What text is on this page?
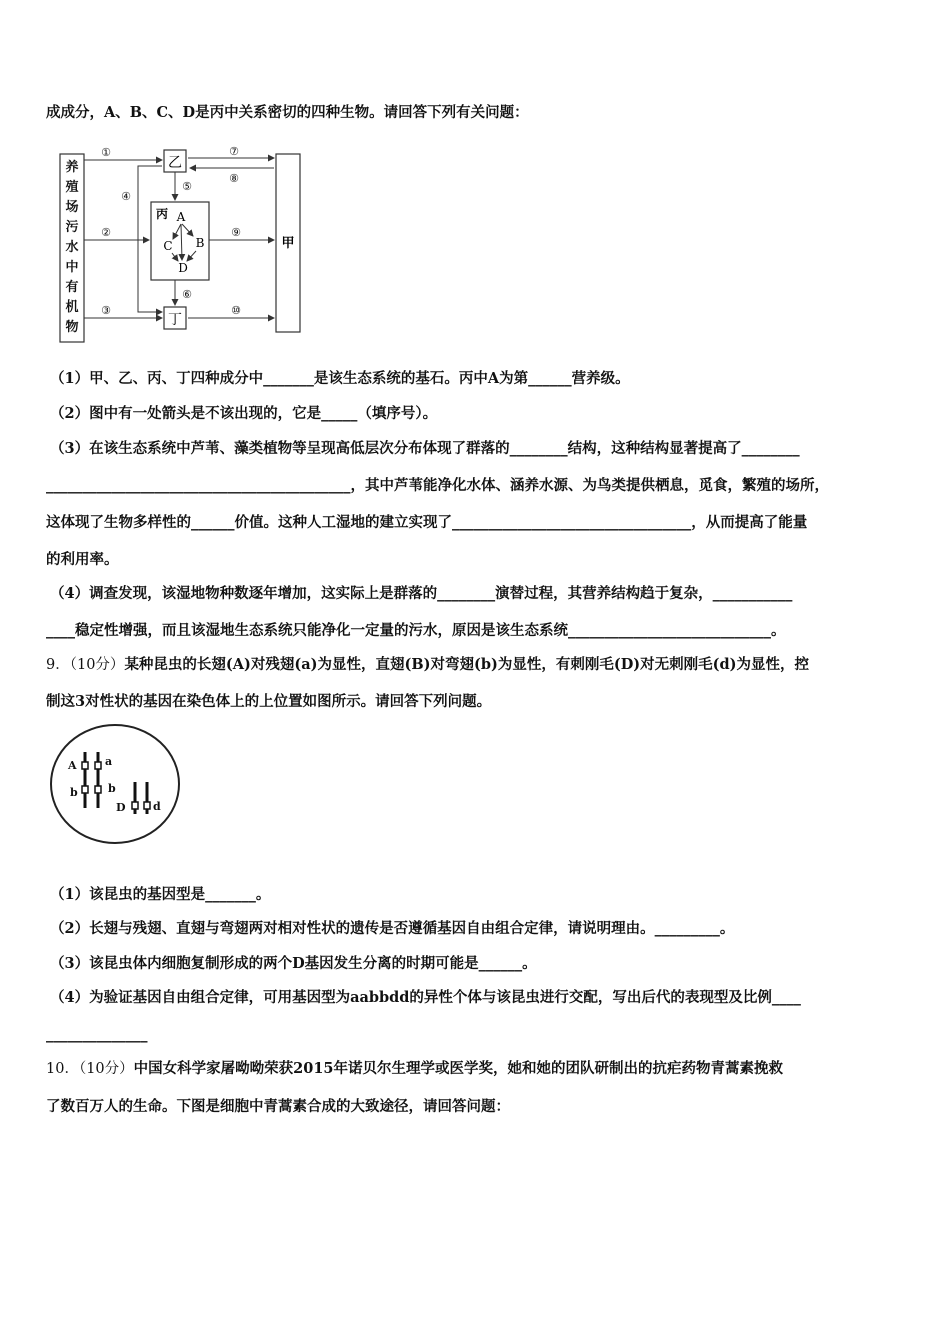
成成分，A、B、C、D是丙中关系密切的四种生物。请回答下列有关问题：
养
殖
场
污
水
中
有
机
物
乙
丙 A
C B
D
丁
甲
①
②
③
④
⑤
⑥
⑦
⑧
⑨
⑩
（1）甲、乙、丙、丁四种成分中_______是该生态系统的基石。丙中A为第______营养级。
（2）图中有一处箭头是不该出现的，它是_____（填序号）。
（3）在该生态系统中芦苇、藻类植物等呈现高低层次分布体现了群落的________结构，这种结构显著提高了________
__________________________________________，其中芦苇能净化水体、涵养水源、为鸟类提供栖息，觅食，繁殖的场所，
这体现了生物多样性的______价值。这种人工湿地的建立实现了_________________________________，从而提高了能量
的利用率。
（4）调查发现，该湿地物种数逐年增加，这实际上是群落的________演替过程，其营养结构趋于复杂，___________
____稳定性增强，而且该湿地生态系统只能净化一定量的污水，原因是该生态系统____________________________。
9．（10分）某种昆虫的长翅(A)对残翅(a)为显性，直翅(B)对弯翅(b)为显性，有刺刚毛(D)对无刺刚毛(d)为显性，控
制这3对性状的基因在染色体上的上位置如图所示。请回答下列问题。
A	a
b	b
D d
（1）该昆虫的基因型是_______。
（2）长翅与残翅、直翅与弯翅两对相对性状的遗传是否遵循基因自由组合定律，请说明理由。_________。
（3）该昆虫体内细胞复制形成的两个D基因发生分离的时期可能是______。
（4）为验证基因自由组合定律，可用基因型为aabbdd的异性个体与该昆虫进行交配，写出后代的表现型及比例____
______________
10．（10分）中国女科学家屠呦呦荣获2015年诺贝尔生理学或医学奖，她和她的团队研制出的抗疟药物青蒿素挽救
了数百万人的生命。下图是细胞中青蒿素合成的大致途径，请回答问题：
